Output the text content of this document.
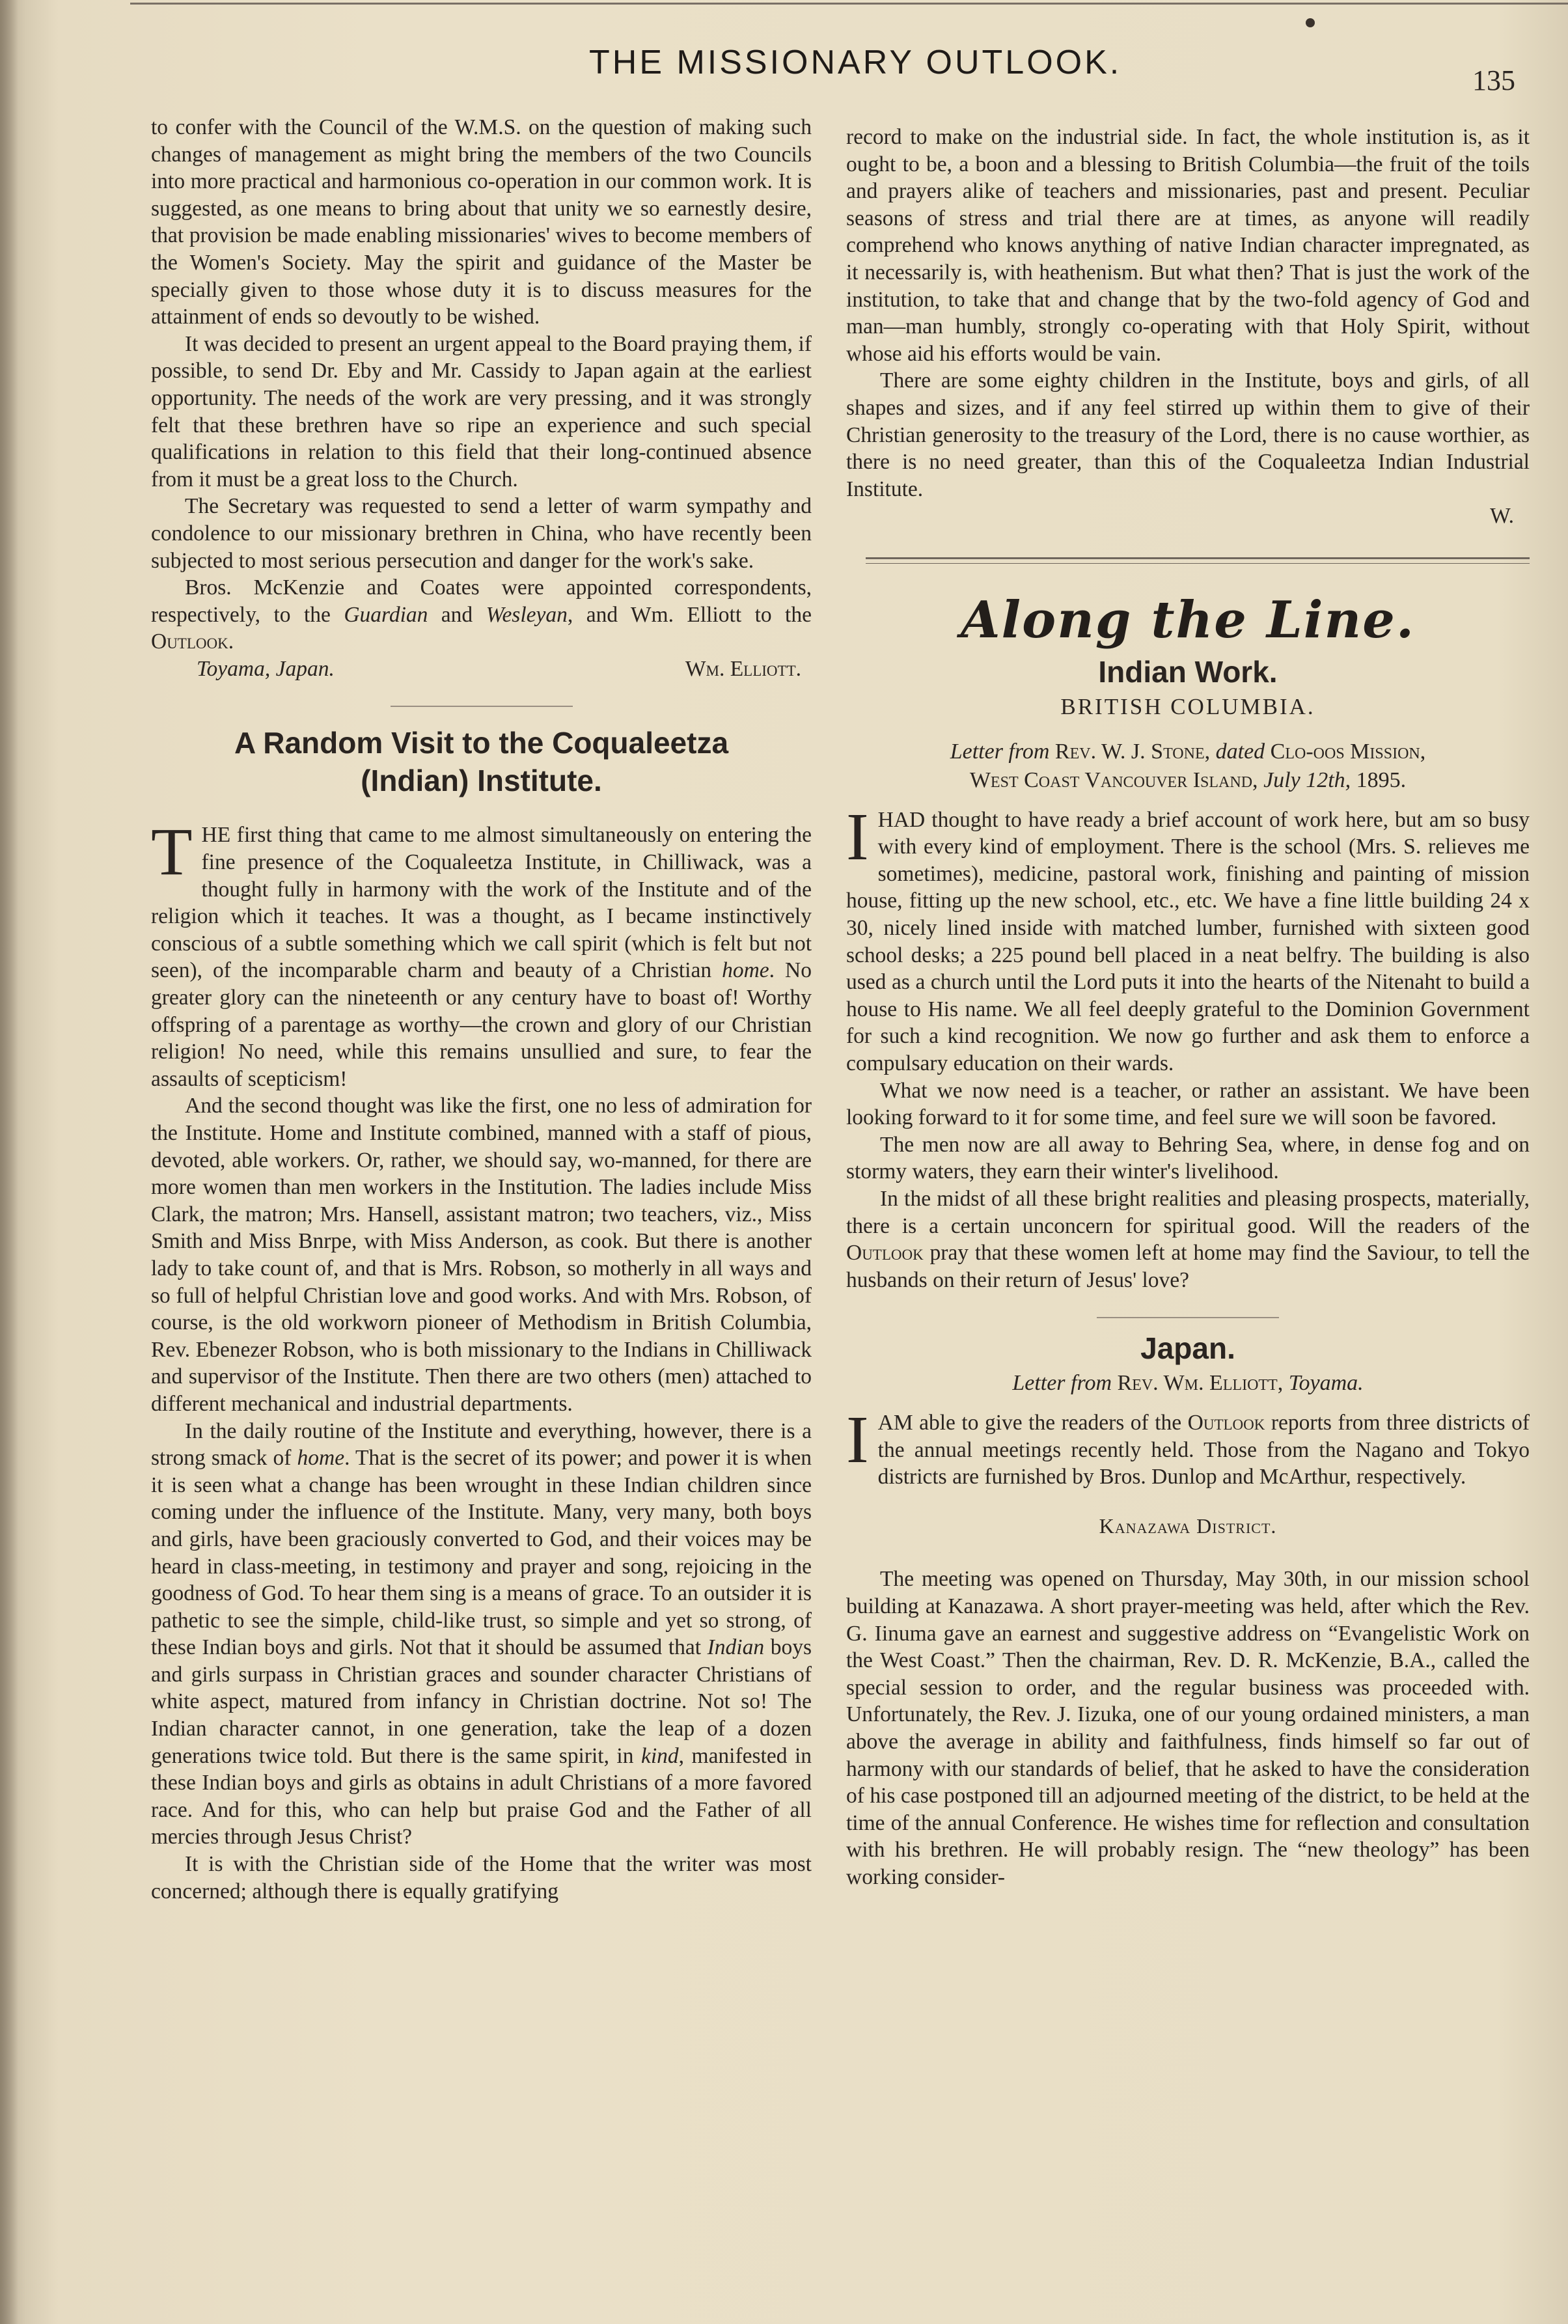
THE MISSIONARY OUTLOOK.	135

to confer with the Council of the W.M.S. on the question of making such changes of management as might bring the members of the two Councils into more practical and harmonious co-operation in our common work. It is suggested, as one means to bring about that unity we so earnestly desire, that provision be made enabling missionaries' wives to become members of the Women's Society. May the spirit and guidance of the Master be specially given to those whose duty it is to discuss measures for the attainment of ends so devoutly to be wished.

It was decided to present an urgent appeal to the Board praying them, if possible, to send Dr. Eby and Mr. Cassidy to Japan again at the earliest opportunity. The needs of the work are very pressing, and it was strongly felt that these brethren have so ripe an experience and such special qualifications in relation to this field that their long-continued absence from it must be a great loss to the Church.

The Secretary was requested to send a letter of warm sympathy and condolence to our missionary brethren in China, who have recently been subjected to most serious persecution and danger for the work's sake.

Bros. McKenzie and Coates were appointed correspondents, respectively, to the Guardian and Wesleyan, and Wm. Elliott to the Outlook.

Toyama, Japan.	Wm. Elliott.
A Random Visit to the Coqualeetza
(Indian) Institute.

THE first thing that came to me almost simultaneously on entering the fine presence of the Coqualeetza Institute, in Chilliwack, was a thought fully in harmony with the work of the Institute and of the religion which it teaches. It was a thought, as I became instinctively conscious of a subtle something which we call spirit (which is felt but not seen), of the incomparable charm and beauty of a Christian home. No greater glory can the nineteenth or any century have to boast of! Worthy offspring of a parentage as worthy—the crown and glory of our Christian religion! No need, while this remains unsullied and sure, to fear the assaults of scepticism!

And the second thought was like the first, one no less of admiration for the Institute. Home and Institute combined, manned with a staff of pious, devoted, able workers. Or, rather, we should say, wo-manned, for there are more women than men workers in the Institution. The ladies include Miss Clark, the matron; Mrs. Hansell, assistant matron; two teachers, viz., Miss Smith and Miss Bnrpe, with Miss Anderson, as cook. But there is another lady to take count of, and that is Mrs. Robson, so motherly in all ways and so full of helpful Christian love and good works. And with Mrs. Robson, of course, is the old workworn pioneer of Methodism in British Columbia, Rev. Ebenezer Robson, who is both missionary to the Indians in Chilliwack and supervisor of the Institute. Then there are two others (men) attached to different mechanical and industrial departments.

In the daily routine of the Institute and everything, however, there is a strong smack of home. That is the secret of its power; and power it is when it is seen what a change has been wrought in these Indian children since coming under the influence of the Institute. Many, very many, both boys and girls, have been graciously converted to God, and their voices may be heard in class-meeting, in testimony and prayer and song, rejoicing in the goodness of God. To hear them sing is a means of grace. To an outsider it is pathetic to see the simple, child-like trust, so simple and yet so strong, of these Indian boys and girls. Not that it should be assumed that Indian boys and girls surpass in Christian graces and sounder character Christians of white aspect, matured from infancy in Christian doctrine. Not so! The Indian character cannot, in one generation, take the leap of a dozen generations twice told. But there is the same spirit, in kind, manifested in these Indian boys and girls as obtains in adult Christians of a more favored race. And for this, who can help but praise God and the Father of all mercies through Jesus Christ?

It is with the Christian side of the Home that the writer was most concerned; although there is equally gratifying

record to make on the industrial side. In fact, the whole institution is, as it ought to be, a boon and a blessing to British Columbia—the fruit of the toils and prayers alike of teachers and missionaries, past and present. Peculiar seasons of stress and trial there are at times, as anyone will readily comprehend who knows anything of native Indian character impregnated, as it necessarily is, with heathenism. But what then? That is just the work of the institution, to take that and change that by the two-fold agency of God and man—man humbly, strongly co-operating with that Holy Spirit, without whose aid his efforts would be vain.

There are some eighty children in the Institute, boys and girls, of all shapes and sizes, and if any feel stirred up within them to give of their Christian generosity to the treasury of the Lord, there is no cause worthier, as there is no need greater, than this of the Coqualeetza Indian Industrial Institute.

W.

Along the Line.
Indian Work.
BRITISH COLUMBIA.
Letter from Rev. W. J. Stone, dated Clo-oos Mission,
West Coast Vancouver Island, July 12th, 1895.

IHAD thought to have ready a brief account of work here, but am so busy with every kind of employment. There is the school (Mrs. S. relieves me sometimes), medicine, pastoral work, finishing and painting of mission house, fitting up the new school, etc., etc. We have a fine little building 24 x 30, nicely lined inside with matched lumber, furnished with sixteen good school desks; a 225 pound bell placed in a neat belfry. The building is also used as a church until the Lord puts it into the hearts of the Nitenaht to build a house to His name. We all feel deeply grateful to the Dominion Government for such a kind recognition. We now go further and ask them to enforce a compulsary education on their wards.

What we now need is a teacher, or rather an assistant. We have been looking forward to it for some time, and feel sure we will soon be favored.

The men now are all away to Behring Sea, where, in dense fog and on stormy waters, they earn their winter's livelihood.

In the midst of all these bright realities and pleasing prospects, materially, there is a certain unconcern for spiritual good. Will the readers of the Outlook pray that these women left at home may find the Saviour, to tell the husbands on their return of Jesus' love?

Japan.
Letter from Rev. Wm. Elliott, Toyama.

IAM able to give the readers of the Outlook reports from three districts of the annual meetings recently held. Those from the Nagano and Tokyo districts are furnished by Bros. Dunlop and McArthur, respectively.

Kanazawa District.

The meeting was opened on Thursday, May 30th, in our mission school building at Kanazawa. A short prayer-meeting was held, after which the Rev. G. Iinuma gave an earnest and suggestive address on “Evangelistic Work on the West Coast.” Then the chairman, Rev. D. R. McKenzie, B.A., called the special session to order, and the regular business was proceeded with. Unfortunately, the Rev. J. Iizuka, one of our young ordained ministers, a man above the average in ability and faithfulness, finds himself so far out of harmony with our standards of belief, that he asked to have the consideration of his case postponed till an adjourned meeting of the district, to be held at the time of the annual Conference. He wishes time for reflection and consultation with his brethren. He will probably resign. The “new theology” has been working consider-
